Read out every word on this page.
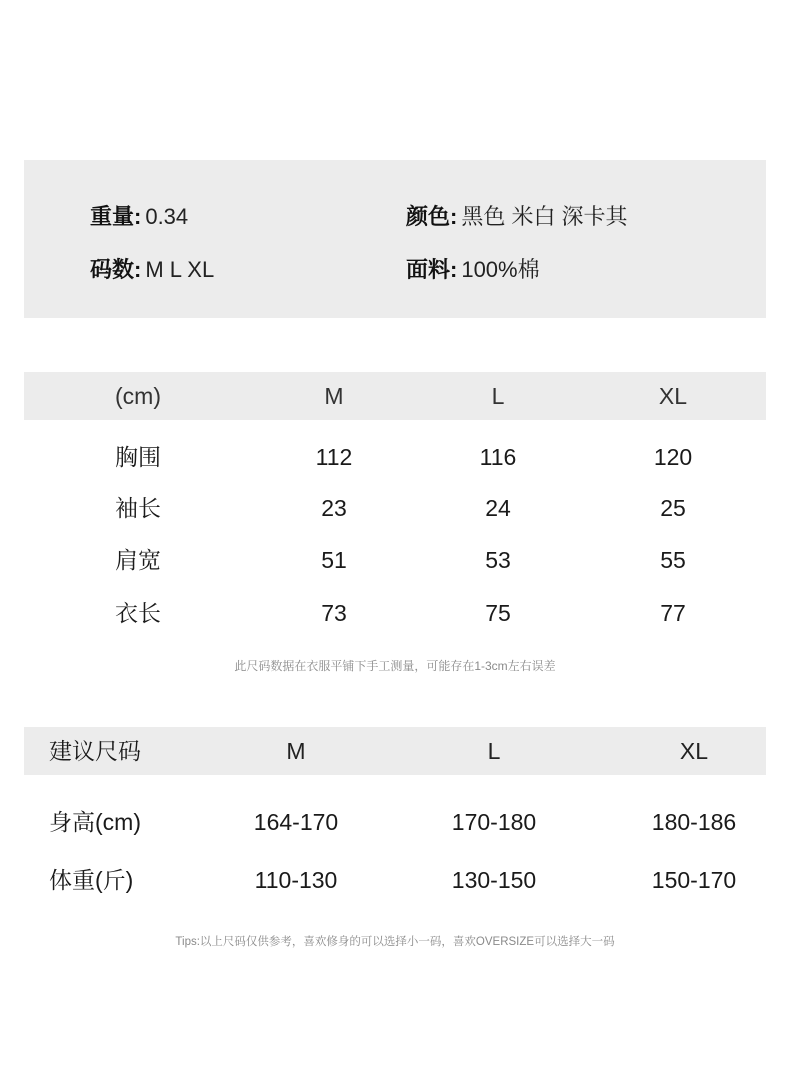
重量: 0.34	颜色: 黑色 米白 深卡其
码数: M L XL	面料: 100%棉
(cm)	M	L	XL
胸围	112	116	120
袖长	23	24	25
肩宽	51	53	55
衣长	73	75	77
此尺码数据在衣服平铺下手工测量，可能存在1-3cm左右误差
建议尺码	M	L	XL
身高(cm)	164-170	170-180	180-186
体重(斤)	110-130	130-150	150-170
Tips:以上尺码仅供参考，喜欢修身的可以选择小一码，喜欢OVERSIZE可以选择大一码
